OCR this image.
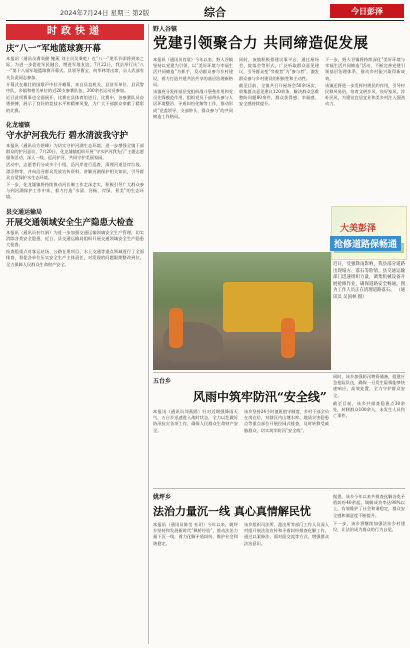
2024年7月24日 星期三 第2版	综合	今日彭泽
时政快递
庆“八一”军地篮球赛开幕

本报讯（通讯员曹英健 鲍燕 刘主员吴秉乾）在“八一”建军节即将到来之际，为进一步促进军民融合，增进军地友谊，7月22日，我县举行庆“八一”第十八届军地篮球赛开幕式。县领导曹宝、何华林等出席，县人武部有关负责同志参加。

开幕式在雄壮的国歌声中拉开帷幕，来自县直机关、县驻军单位、县武警中队、乡镇和相关单位的近20支参赛队伍、200余名运动员参加。

近日此项赛事也全面展开。比赛在县体育馆进行，比赛中，各参赛队员奋勇拼搏，展示了良好的竞技水平和精神风貌，为广大干部群众奉献了精彩的比赛。

化龙墟镇
守水护河我先行 碧水清波我守护

本报讯（通讯员方煜峰）为切实守护河湖生态环境，进一步增强全镇干部群众的护河意识，7月20日，化龙墟镇组织开展“守水护河我先行”主题志愿服务活动，深入一线、巡河护河，共同守护美丽家园。

活动中，志愿者们分成多个小组，沿河岸进行巡查，清理河道沿岸垃圾、漂浮物等，并向沿河群众发放宣传资料，讲解河湖保护相关知识，引导群众自觉保护水生态环境。

下一步，化龙墟镇将持续推动河长制工作走深走实，积极引导广大群众参与到河湖保护工作中来，着力打造“水清、河畅、岸绿、景美”的生态环境。

县交通运输局
开展交通领域安全生产隐患大检查

本报讯（通讯员杜红娟）为进一步加强交通运输领域安全生产管理，切实消除各类安全隐患，近日，县交通运输局组织开展交通领域安全生产隐患大检查。

检查组重点对客运站场、公路在建项目、水上交通等重点领域进行了全面排查，督促各单位压实安全生产主体责任，对发现的问题限期整改到位，全力保障人民群众生命财产安全。

野人谷镇
党建引领聚合力 共同缔造促发展

本报讯（通讯员肖晨）今年以来，野人谷镇坚持以党建为引领，以“美好环境与幸福生活共同缔造”为抓手，发动群众参与乡村建设，着力打造共建共治共享的基层治理新格局。

该镇充分发挥基层党组织战斗堡垒作用和党员先锋模范作用，组织党员干部带头参与人居环境整治、矛盾纠纷化解等工作，推动形成“党委领导、支部带头、群众参与”的共同缔造工作格局。

同时，该镇积极搭建议事平台，通过屋场会、院落会等形式，广泛听取群众意见建议，引导群众变“旁观者”为“参与者”，激发群众参与乡村建设的积极性和主动性。

截至目前，全镇共召开屋场会50余场次，收集群众意见建议120余条，解决群众急难愁盼问题80余件，群众获得感、幸福感、安全感持续提升。

下一步，野人谷镇将持续深化“美好环境与幸福生活共同缔造”活动，不断完善党建引领基层治理体系，推动乡村振兴取得新成效。

该镇还将进一步发挥村规民约作用，引导村民移风易俗，培育文明乡风、良好家风、淳朴民风，为建设宜居宜业和美乡村注入强劲动力。

大美彭泽
抢修道路保畅通
近日，受强降雨影响，我县部分道路出现塌方、落石等险情。县交通运输部门迅速组织力量，调集机械设备开展抢修作业，确保道路安全畅通。图为工作人员正在清理道路落石。 （通讯员 吴国林 摄）
五台乡
风雨中筑牢防汛“安全线”

本报讯（通讯员刘燕鸥）针对近期强降雨天气，五台乡迅速进入战时状态，全力以赴做好防汛抗灾各项工作，确保人民群众生命财产安全。

该乡坚持24小时值班值守制度，乡村干部全员在岗在位，对辖区内山塘水库、地质灾害隐患点等重点部位开展拉网式排查，及时转移受威胁群众，切实筑牢防汛“安全线”。

同时，该乡加强防汛物资储备，组建应急抢险队伍，确保一旦发生险情能够快速响应、高效处置，全力守护群众安全。

截至目前，该乡共排查隐患点30余处，转移群众100余人，未发生人员伤亡事件。

姚坪乡
法治力量沉一线 真心真情解民忧

本报讯（通讯员陈莹 杜玥）今年以来，姚坪乡坚持和发展新时代“枫桥经验”，推动法治力量下沉一线，着力化解矛盾纠纷，维护社会和谐稳定。

该乡组织司法所、派出所等部门工作人员深入村组开展法治宣传和矛盾纠纷排查化解工作，通过以案释法、面对面交流等方式，增强群众法治意识。

据悉，该乡今年以来共排查化解各类矛盾纠纷40余起，调解成功率达98%以上，有效维护了社会和谐稳定，群众安全感和满意度不断提升。

下一步，该乡将继续加强法治乡村建设，让法治成为群众的行为自觉。
